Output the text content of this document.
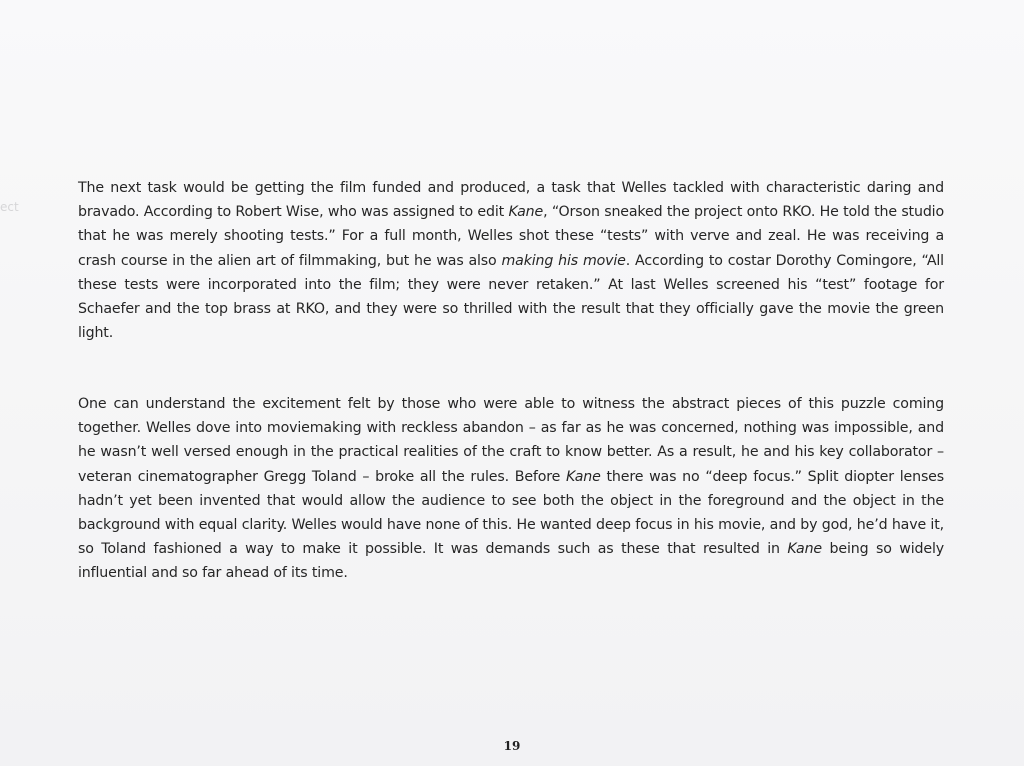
ect

The next task would be getting the film funded and produced, a task that Welles tackled with characteristic daring and bravado. According to Robert Wise, who was assigned to edit Kane, “Orson sneaked the project onto RKO. He told the studio that he was merely shooting tests.” For a full month, Welles shot these “tests” with verve and zeal. He was receiving a crash course in the alien art of filmmaking, but he was also making his movie. According to costar Dorothy Comingore, “All these tests were incorporated into the film; they were never retaken.” At last Welles screened his “test” footage for Schaefer and the top brass at RKO, and they were so thrilled with the result that they officially gave the movie the green light.

One can understand the excitement felt by those who were able to witness the abstract pieces of this puzzle coming together. Welles dove into moviemaking with reckless abandon – as far as he was concerned, nothing was impossible, and he wasn’t well versed enough in the practical realities of the craft to know better. As a result, he and his key collaborator – veteran cinematographer Gregg Toland – broke all the rules. Before Kane there was no “deep focus.” Split diopter lenses hadn’t yet been invented that would allow the audience to see both the object in the foreground and the object in the background with equal clarity. Welles would have none of this. He wanted deep focus in his movie, and by god, he’d have it, so Toland fashioned a way to make it possible. It was demands such as these that resulted in Kane being so widely influential and so far ahead of its time.

19
